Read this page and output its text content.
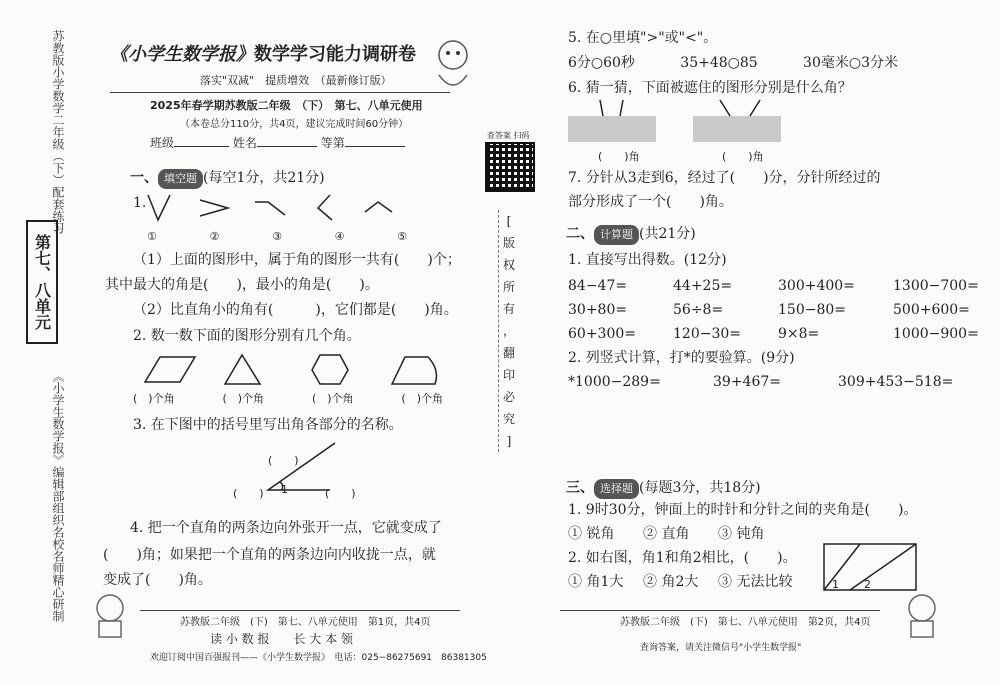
苏教版小学数学二年级（下）配套练习
第七、八单元
《小学生数学报》编辑部组织名校名师精心研制
《小学生数学报》数学学习能力调研卷
落实"双减"　提质增效　（最新修订版）
2025年春学期苏教版二年级　（下）　第七、八单元使用
（本卷总分110分，共4页，建议完成时间60分钟）
班级	姓名	等第
查答案 扫码
[
版
权
所
有
，
翻
印
必
究
]
一、 填空题 (每空1分，共21分)
1.
①	②	③	④	⑤
（1）上面的图形中，属于角的图形一共有(　　)个；
其中最大的角是(　　)，最小的角是(　　)。
（2）比直角小的角有(　　　)，它们都是(　　)角。
2. 数一数下面的图形分别有几个角。
(　)个角	(　)个角	(　)个角	(　)个角
3. 在下图中的括号里写出角各部分的名称。
1
(　　)
(　　)
(　　)
4. 把一个直角的两条边向外张开一点，它就变成了
(　　)角；如果把一个直角的两条边向内收拢一点，就
变成了(　　)角。
苏教版二年级　(下)　第七、八单元使用　 第1页，共4页
读 小 数 报　　长 大 本 领
欢迎订阅中国百强报刊——《小学生数学报》　电话：025−86275691　86381305
5. 在○里填">"或"<"。
6分○60秒	35+48○85	30毫米○3分米
6. 猜一猜，下面被遮住的图形分别是什么角？
(　　)角	(　　)角
7. 分针从3走到6，经过了(　　)分，分针所经过的
部分形成了一个(　　)角。
二、 计算题 (共21分)
1. 直接写出得数。(12分)
84−47=	44+25=	300+400=	1300−700=
30+80=	56÷8=	150−80=	500+600=
60+300=	120−30=	9×8=	1000−900=
2. 列竖式计算，打*的要验算。(9分)
*1000−289=	39+467=	309+453−518=
三、 选择题 (每题3分，共18分)
1. 9时30分，钟面上的时针和分针之间的夹角是(　　)。
① 锐角 ② 直角 ③ 钝角
2. 如右图，角1和角2相比，(　　)。
① 角1大 ② 角2大 ③ 无法比较	1 2
苏教版二年级　(下)　第七、八单元使用　 第2页，共4页
查询答案，请关注微信号"小学生数学报"
